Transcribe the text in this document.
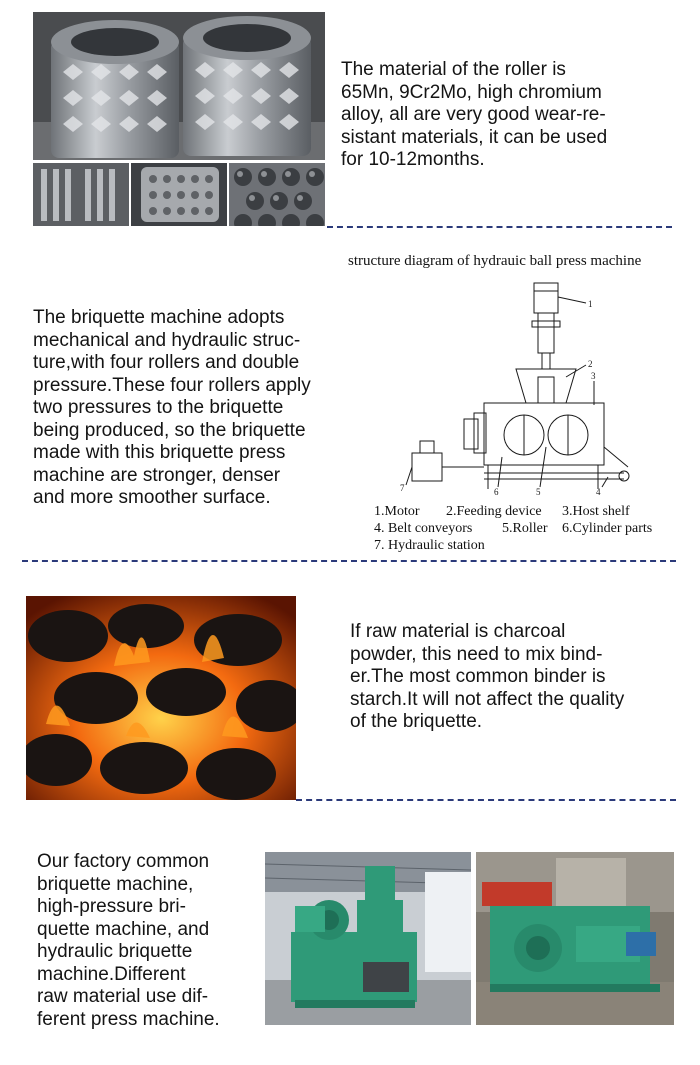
The material of the roller is
65Mn, 9Cr2Mo, high chromium
alloy, all are very good wear-re-
sistant materials, it can be used
for 10-12months.
structure diagram of hydrauic ball press machine
1
2
3
4
5
6
7
The briquette machine adopts
mechanical and hydraulic struc-
ture,with four rollers and double
pressure.These four rollers apply
two pressures to the briquette
being produced, so the briquette
made with this briquette press
machine are stronger, denser
and more smoother surface.
1.Motor 2.Feeding device 3.Host shelf
4. Belt conveyors 5.Roller 6.Cylinder parts
7. Hydraulic station
If raw material is charcoal
powder, this need to mix bind-
er.The most common binder is
starch.It will not affect the quality
of the briquette.
Our factory common
briquette machine,
high-pressure bri-
quette machine, and
hydraulic briquette
machine.Different
raw material use dif-
ferent press machine.
